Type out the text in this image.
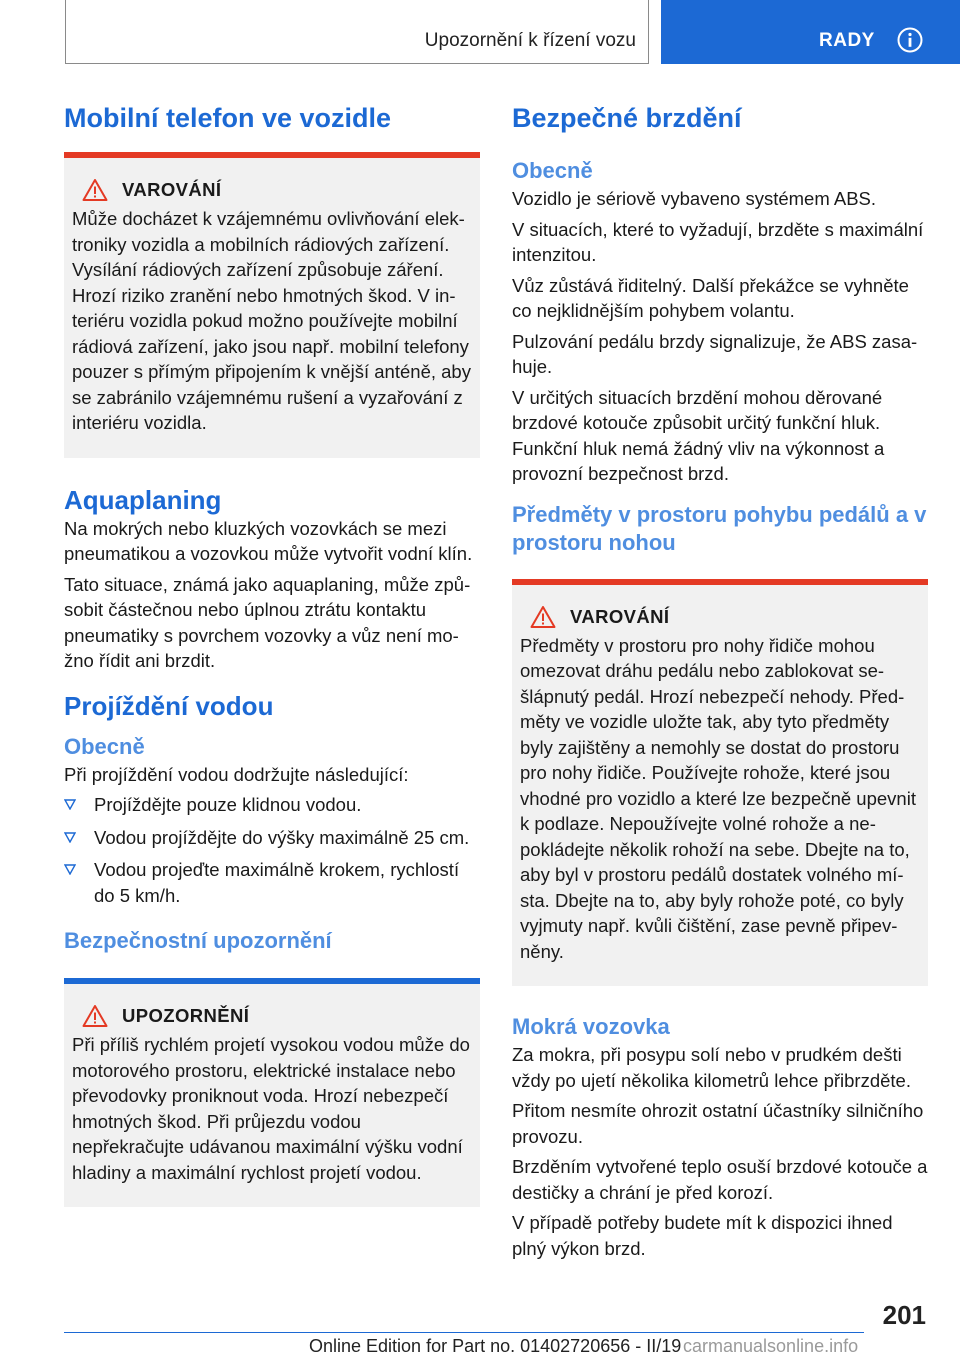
Upozornění k řízení vozu	RADY
Mobilní telefon ve vozidle
VAROVÁNÍ

Může docházet k vzájemnému ovlivňování elektroniky vozidla a mobilních rádiových zařízení. Vysílání rádiových zařízení způsobuje záření. Hrozí riziko zranění nebo hmotných škod. V interiéru vozidla pokud možno používejte mobilní rádiová zařízení, jako jsou např. mobilní telefony pouzer s přímým připojením k vnější anténě, aby se zabránilo vzájemnému rušení a vyzařování z interiéru vozidla.

Aquaplaning

Na mokrých nebo kluzkých vozovkách se mezi pneumatikou a vozovkou může vytvořit vodní klín.

Tato situace, známá jako aquaplaning, může způsobit částečnou nebo úplnou ztrátu kontaktu pneumatiky s povrchem vozovky a vůz není možno řídit ani brzdit.

Projíždění vodou
Obecně

Při projíždění vodou dodržujte následující:

Projíždějte pouze klidnou vodou.
Vodou projíždějte do výšky maximálně 25 cm.
Vodou projeďte maximálně krokem, rychlostí do 5 km/h.
Bezpečnostní upozornění
UPOZORNĚNÍ

Při příliš rychlém projetí vysokou vodou může do motorového prostoru, elektrické instalace nebo převodovky proniknout voda. Hrozí nebezpečí hmotných škod. Při průjezdu vodou nepřekračujte udávanou maximální výšku vodní hladiny a maximální rychlost projetí vodou.

Bezpečné brzdění
Obecně

Vozidlo je sériově vybaveno systémem ABS.

V situacích, které to vyžadují, brzděte s maximální intenzitou.

Vůz zůstává řiditelný. Další překážce se vyhněte co nejklidnějším pohybem volantu.

Pulzování pedálu brzdy signalizuje, že ABS zasahuje.

V určitých situacích brzdění mohou děrované brzdové kotouče způsobit určitý funkční hluk. Funkční hluk nemá žádný vliv na výkonnost a provozní bezpečnost brzd.

Předměty v prostoru pohybu pedálů a v prostoru nohou
VAROVÁNÍ

Předměty v prostoru pro nohy řidiče mohou omezovat dráhu pedálu nebo zablokovat sešlápnutý pedál. Hrozí nebezpečí nehody. Předměty ve vozidle uložte tak, aby tyto předměty byly zajištěny a nemohly se dostat do prostoru pro nohy řidiče. Používejte rohože, které jsou vhodné pro vozidlo a které lze bezpečně upevnit k podlaze. Nepoužívejte volné rohože a nepokládejte několik rohoží na sebe. Dbejte na to, aby byl v prostoru pedálů dostatek volného místa. Dbejte na to, aby byly rohože poté, co byly vyjmuty např. kvůli čištění, zase pevně připevněny.

Mokrá vozovka

Za mokra, při posypu solí nebo v prudkém dešti vždy po ujetí několika kilometrů lehce přibrzděte.

Přitom nesmíte ohrozit ostatní účastníky silničního provozu.

Brzděním vytvořené teplo osuší brzdové kotouče a destičky a chrání je před korozí.

V případě potřeby budete mít k dispozici ihned plný výkon brzd.

201
Online Edition for Part no. 01402720656 - II/19 carmanualsonline.info
